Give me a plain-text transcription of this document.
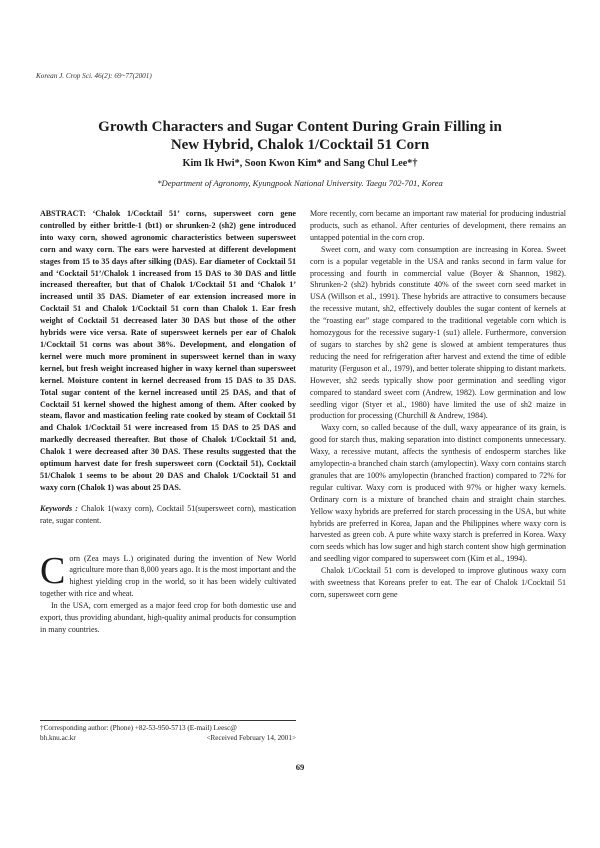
Korean J. Crop Sci. 46(2): 69~77(2001)
Growth Characters and Sugar Content During Grain Filling in
New Hybrid, Chalok 1/Cocktail 51 Corn
Kim Ik Hwi*, Soon Kwon Kim* and Sang Chul Lee*†
*Department of Agronomy, Kyungpook National University. Taegu 702-701, Korea

ABSTRACT: ‘Chalok 1/Cocktail 51’ corns, supersweet corn gene controlled by either brittle-1 (bt1) or shrunken-2 (sh2) gene introduced into waxy corn, showed agronomic characteristics between supersweet corn and waxy corn. The ears were harvested at different development stages from 15 to 35 days after silking (DAS). Ear diameter of Cocktail 51 and ‘Cocktail 51’/Chalok 1 increased from 15 DAS to 30 DAS and little increased thereafter, but that of Chalok 1/Cocktail 51 and ‘Chalok 1’ increased until 35 DAS. Diameter of ear extension increased more in Cocktail 51 and Chalok 1/Cocktail 51 corn than Chalok 1. Ear fresh weight of Cocktail 51 decreased later 30 DAS but those of the other hybrids were vice versa. Rate of supersweet kernels per ear of Chalok 1/Cocktail 51 corns was about 38%. Development, and elongation of kernel were much more prominent in supersweet kernel than in waxy kernel, but fresh weight increased higher in waxy kernel than supersweet kernel. Moisture content in kernel decreased from 15 DAS to 35 DAS. Total sugar content of the kernel increased until 25 DAS, and that of Cocktail 51 kernel showed the highest among of them. After cooked by steam, flavor and mastication feeling rate cooked by steam of Cocktail 51 and Chalok 1/Cocktail 51 were increased from 15 DAS to 25 DAS and markedly decreased thereafter. But those of Chalok 1/Cocktail 51 and, Chalok 1 were decreased after 30 DAS. These results suggested that the optimum harvest date for fresh supersweet corn (Cocktail 51), Cocktail 51/Chalok 1 seems to be about 20 DAS and Chalok 1/Cocktail 51 and waxy corn (Chalok 1) was about 25 DAS.

Keywords : Chalok 1(waxy corn), Cocktail 51(supersweet corn), mastication rate, sugar content.

Corn (Zea mays L.) originated during the invention of New World agriculture more than 8,000 years ago. It is the most important and the highest yielding crop in the world, so it has been widely cultivated together with rice and wheat.

In the USA, corn emerged as a major feed crop for both domestic use and export, thus providing abundant, high-quality animal products for consumption in many countries.

More recently, corn became an important raw material for producing industrial products, such as ethanol. After centuries of development, there remains an untapped potential in the corn crop.

Sweet corn, and waxy corn consumption are increasing in Korea. Sweet corn is a popular vegetable in the USA and ranks second in farm value for processing and fourth in commercial value (Boyer & Shannon, 1982). Shrunken-2 (sh2) hybrids constitute 40% of the sweet corn seed market in USA (Willson et al., 1991). These hybrids are attractive to consumers because the recessive mutant, sh2, effectively doubles the sugar content of kernels at the “roasting ear” stage compared to the traditional vegetable corn which is homozygous for the recessive sugary-1 (su1) allele. Furthermore, conversion of sugars to starches by sh2 gene is slowed at ambient temperatures thus reducing the need for refrigeration after harvest and extend the time of edible maturity (Ferguson et al., 1979), and better tolerate shipping to distant markets. However, sh2 seeds typically show poor germination and seedling vigor compared to standard sweet corn (Andrew, 1982). Low germination and low seedling vigor (Styer et al., 1980) have limited the use of sh2 maize in production for processing (Churchill & Andrew, 1984).

Waxy corn, so called because of the dull, waxy appearance of its grain, is good for starch thus, making separation into distinct components unnecessary. Waxy, a recessive mutant, affects the synthesis of endosperm starches like amylopectin-a branched chain starch (amylopectin). Waxy corn contains starch granules that are 100% amylopectin (branched fraction) compared to 72% for regular cultivar. Waxy corn is produced with 97% or higher waxy kernels. Ordinary corn is a mixture of branched chain and straight chain starches. Yellow waxy hybrids are preferred for starch processing in the USA, but white hybrids are preferred in Korea, Japan and the Philippines where waxy corn is harvested as green cob. A pure white waxy starch is preferred in Korea. Waxy corn seeds which has low suger and high starch content show high germination and seedling vigor compared to supersweet corn (Kim et al., 1994).

Chalok 1/Cocktail 51 corn is developed to improve glutinous waxy corn with sweetness that Koreans prefer to eat. The ear of Chalok 1/Cocktail 51 corn, supersweet corn gene

†Corresponding author: (Phone) +82-53-950-5713 (E-mail) Leesc@
bh.knu.ac.kr	<Received February 14, 2001>
69
